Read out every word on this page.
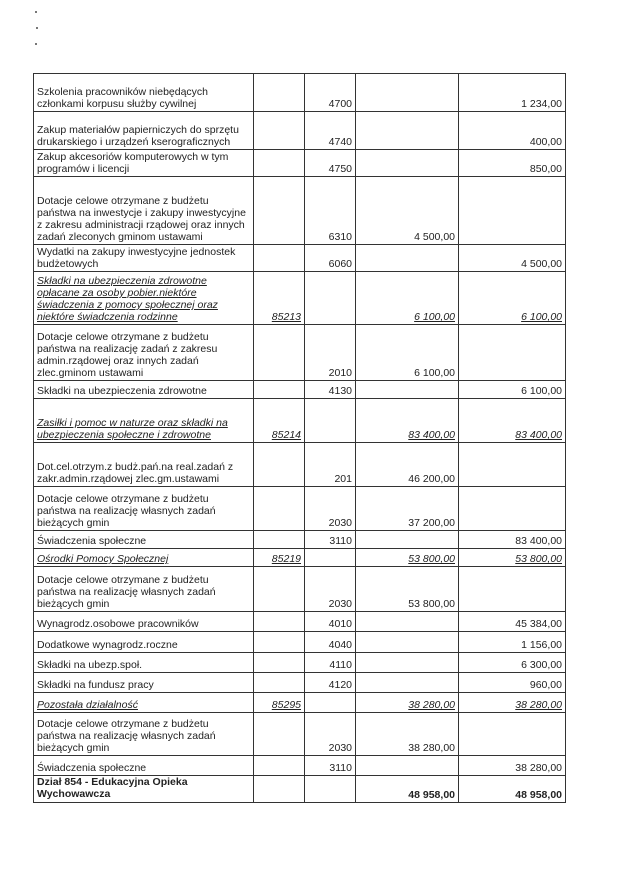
Szkolenia pracowników niebędących członkami korpusu służby cywilnej		4700		1 234,00
Zakup materiałów papierniczych do sprzętu drukarskiego i urządzeń kserograficznych		4740		400,00
Zakup akcesoriów komputerowych w tym programów i licencji		4750		850,00
Dotacje celowe otrzymane z budżetu państwa na inwestycje i zakupy inwestycyjne z zakresu administracji rządowej oraz innych zadań zleconych gminom ustawami		6310	4 500,00	
Wydatki na zakupy inwestycyjne jednostek budżetowych		6060		4 500,00
Składki na ubezpieczenia zdrowotne opłacane za osoby pobier.niektóre świadczenia z pomocy społecznej oraz niektóre świadczenia rodzinne	85213		6 100,00	6 100,00
Dotacje celowe otrzymane z budżetu państwa na realizację zadań z zakresu admin.rządowej oraz innych zadań zlec.gminom ustawami		2010	6 100,00	
Składki na ubezpieczenia zdrowotne		4130		6 100,00
Zasiłki i pomoc w naturze oraz składki na ubezpieczenia społeczne i zdrowotne	85214		83 400,00	83 400,00
Dot.cel.otrzym.z budż.pań.na real.zadań z zakr.admin.rządowej zlec.gm.ustawami		201	46 200,00	
Dotacje celowe otrzymane z budżetu państwa na realizację własnych zadań bieżących gmin		2030	37 200,00	
Świadczenia społeczne		3110		83 400,00
Ośrodki Pomocy Społecznej	85219		53 800,00	53 800,00
Dotacje celowe otrzymane z budżetu państwa na realizację własnych zadań bieżących gmin		2030	53 800,00	
Wynagrodz.osobowe pracowników		4010		45 384,00
Dodatkowe wynagrodz.roczne		4040		1 156,00
Składki na ubezp.społ.		4110		6 300,00
Składki na fundusz pracy		4120		960,00
Pozostała działalność	85295		38 280,00	38 280,00
Dotacje celowe otrzymane z budżetu państwa na realizację własnych zadań bieżących gmin		2030	38 280,00	
Świadczenia społeczne		3110		38 280,00
Dział 854 - Edukacyjna Opieka Wychowawcza			48 958,00	48 958,00
